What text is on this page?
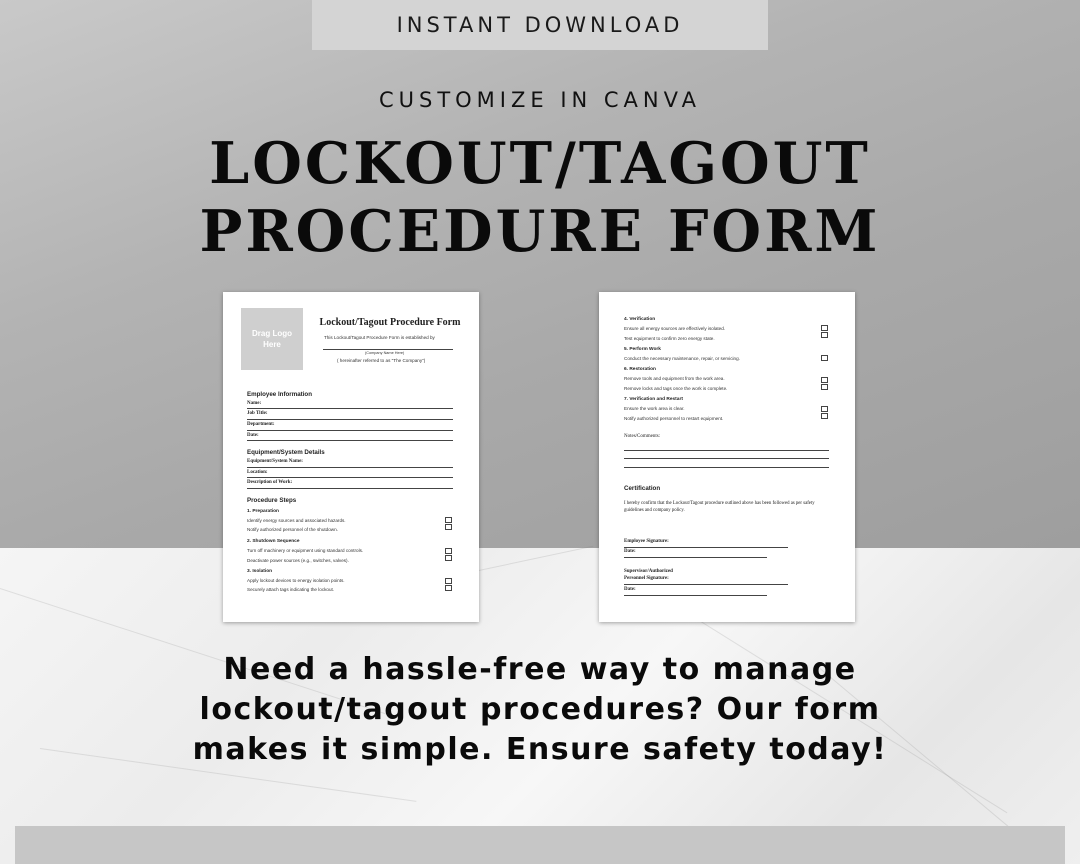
INSTANT DOWNLOAD
CUSTOMIZE IN CANVA
LOCKOUT/TAGOUT
PROCEDURE FORM
Drag Logo Here
Lockout/Tagout Procedure Form
This Lockout/Tagout Procedure Form is established by
(Company Name Here)
( hereinafter referred to as "The Company")
Employee Information
Name:
Job Title:
Department:
Date:
Equipment/System Details
Equipment/System Name:
Location:
Description of Work:
Procedure Steps
1. Preparation
Identify energy sources and associated hazards.
Notify authorized personnel of the shutdown.
2. Shutdown Sequence
Turn off machinery or equipment using standard controls.
Deactivate power sources (e.g., switches, valves).
3. Isolation
Apply lockout devices to energy isolation points.
Securely attach tags indicating the lockout.
4. Verification
Ensure all energy sources are effectively isolated.
Test equipment to confirm zero energy state.
5. Perform Work
Conduct the necessary maintenance, repair, or servicing.
6. Restoration
Remove tools and equipment from the work area.
Remove locks and tags once the work is complete.
7. Verification and Restart
Ensure the work area is clear.
Notify authorized personnel to restart equipment.
Notes/Comments:
Certification
I hereby confirm that the Lockout/Tagout procedure outlined above has been followed as per safety guidelines and company policy.
Employee Signature:
Date:
Supervisor/Authorized
Personnel Signature:
Date:
Need a hassle-free way to manage
lockout/tagout procedures? Our form
makes it simple. Ensure safety today!
